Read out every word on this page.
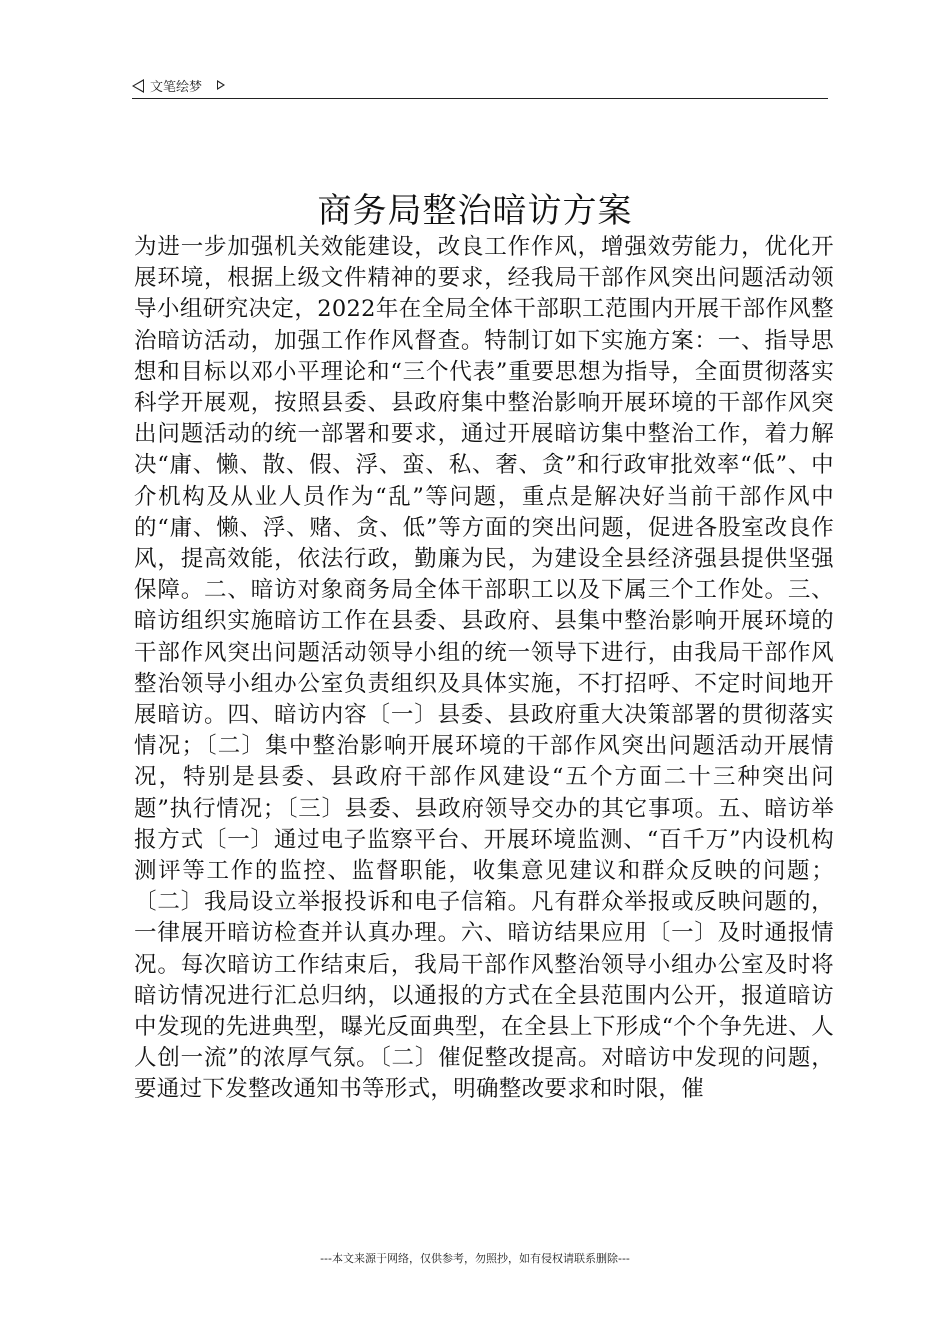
文笔绘梦
商务局整治暗访方案

为进一步加强机关效能建设，改良工作作风，增强效劳能力，优化开展环境，根据上级文件精神的要求，经我局干部作风突出问题活动领导小组研究决定，2022年在全局全体干部职工范围内开展干部作风整治暗访活动，加强工作作风督查。特制订如下实施方案：一、指导思想和目标以邓小平理论和“三个代表”重要思想为指导，全面贯彻落实科学开展观，按照县委、县政府集中整治影响开展环境的干部作风突出问题活动的统一部署和要求，通过开展暗访集中整治工作，着力解决“庸、懒、散、假、浮、蛮、私、奢、贪”和行政审批效率“低”、中介机构及从业人员作为“乱”等问题，重点是解决好当前干部作风中的“庸、懒、浮、赌、贪、低”等方面的突出问题，促进各股室改良作风，提高效能，依法行政，勤廉为民，为建设全县经济强县提供坚强保障。二、暗访对象商务局全体干部职工以及下属三个工作处。三、暗访组织实施暗访工作在县委、县政府、县集中整治影响开展环境的干部作风突出问题活动领导小组的统一领导下进行，由我局干部作风整治领导小组办公室负责组织及具体实施，不打招呼、不定时间地开展暗访。四、暗访内容〔一〕县委、县政府重大决策部署的贯彻落实情况；〔二〕集中整治影响开展环境的干部作风突出问题活动开展情况，特别是县委、县政府干部作风建设“五个方面二十三种突出问题”执行情况；〔三〕县委、县政府领导交办的其它事项。五、暗访举报方式〔一〕通过电子监察平台、开展环境监测、“百千万”内设机构测评等工作的监控、监督职能，收集意见建议和群众反映的问题；〔二〕我局设立举报投诉和电子信箱。凡有群众举报或反映问题的，一律展开暗访检查并认真办理。六、暗访结果应用〔一〕及时通报情况。每次暗访工作结束后，我局干部作风整治领导小组办公室及时将暗访情况进行汇总归纳，以通报的方式在全县范围内公开，报道暗访中发现的先进典型，曝光反面典型，在全县上下形成“个个争先进、人人创一流”的浓厚气氛。〔二〕催促整改提高。对暗访中发现的问题，要通过下发整改通知书等形式，明确整改要求和时限，催

---本文来源于网络，仅供参考，勿照抄，如有侵权请联系删除---
